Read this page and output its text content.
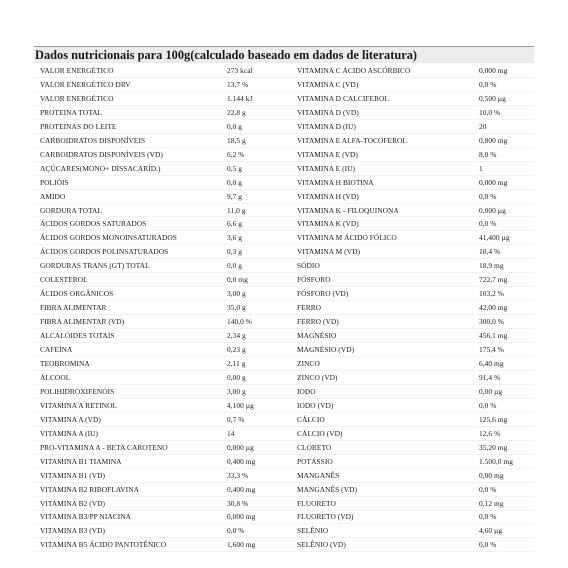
Dados nutricionais para 100g(calculado baseado em dados de literatura)
VALOR ENERGÉTICO	273 kcal	VITAMINA C ÁCIDO ASCÓRBICO	0,000 mg
VALOR ENERGÉTICO DRV	13,7 %	VITAMINA C (VD)	0,0 %
VALOR ENERGÉTICO	1.144 kJ	VITAMINA D CALCIFEROL	0,500 µg
PROTEINA TOTAL	22,8 g	VITAMINA D (VD)	10,0 %
PROTEINAS DO LEITE	0,0 g	VITAMINA D (IU)	20
CARBOIDRATOS DISPONÍVEIS	18,5 g	VITAMINA E ALFA-TOCOFEROL	0,800 mg
CARBOIDRATOS DISPONÍVEIS (VD)	6,2 %	VITAMINA E (VD)	8,0 %
AÇÚCARES(MONO+ DISSACARÍD.)	0,5 g	VITAMINA E (IU)	1
POLIÓIS	0,0 g	VITAMINA H BIOTINA	0,000 mg
AMIDO	9,7 g	VITAMINA H (VD)	0,0 %
GORDURA TOTAL	11,0 g	VITAMINA K - FILOQUINONA	0,000 µg
ÁCIDOS GORDOS SATURADOS	6,6 g	VITAMINA K (VD)	0,0 %
ÁCIDOS GORDOS MONOINSATURADOS	3,6 g	VITAMINA M ÁCIDO FÓLICO	41,400 µg
ÁCIDOS GORDOS POLINSATURADOS	0,3 g	VITAMINA M (VD)	10,4 %
GORDURAS TRANS (GT) TOTAL	0,0 g	SÓDIO	18,9 mg
COLESTEROL	0,0 mg	FÓSFORO	722,7 mg
ÁCIDOS ORGÂNICOS	3,00 g	FÓSFORO (VD)	103,2 %
FIBRA ALIMENTAR	35,0 g	FERRO	42,00 mg
FIBRA ALIMENTAR (VD)	140,0 %	FERRO (VD)	300,0 %
ALCALÓIDES TOTAIS	2,34 g	MAGNÉSIO	456,1 mg
CAFEÍNA	0,23 g	MAGNÉSIO (VD)	175,4 %
TEOBROMINA	2,11 g	ZINCO	6,40 mg
ÁLCOOL	0,00 g	ZINCO (VD)	91,4 %
POLIHIDROXIFENÓIS	3,00 g	IODO	0,00 µg
VITAMINA A RETINOL	4,100 µg	IODO (VD)	0,0 %
VITAMINA A (VD)	0,7 %	CÁLCIO	125,6 mg
VITAMINA A (IU)	14	CÁLCIO (VD)	12,6 %
PRO-VITAMINA A - BETA CAROTENO	0,000 µg	CLORETO	35,20 mg
VITAMINA B1 TIAMINA	0,400 mg	POTÁSSIO	1.500,0 mg
VITAMINA B1 (VD)	33,3 %	MANGANÊS	0,00 mg
VITAMINA B2 RIBOFLAVINA	0,400 mg	MANGANÊS (VD)	0,0 %
VITAMINA B2 (VD)	30,8 %	FLUORETO	0,12 mg
VITAMINA B3/PP NIACINA	0,000 mg	FLUORETO (VD)	0,0 %
VITAMINA B3 (VD)	0,0 %	SELÊNIO	4,60 µg
VITAMINA B5 ÁCIDO PANTOTÊNICO	1,600 mg	SELÊNIO (VD)	0,0 %
